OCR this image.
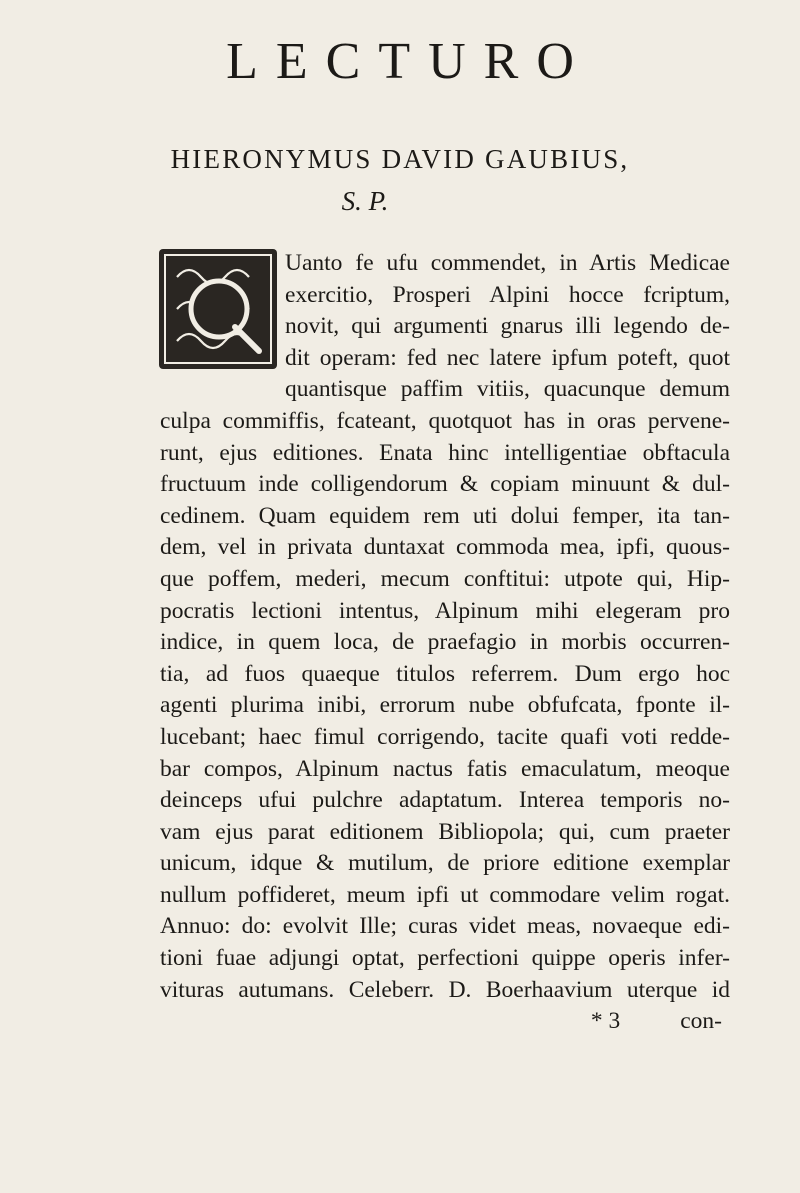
LECTURO
HIERONYMUS DAVID GAUBIUS,
S. P.
Uanto fe ufu commendet, in Artis Medicae
exercitio, Prosperi Alpini hocce fcriptum,
novit, qui argumenti gnarus illi legendo de-
dit operam: fed nec latere ipfum poteft, quot
quantisque paffim vitiis, quacunque demum
culpa commiffis, fcateant, quotquot has in oras pervene-
runt, ejus editiones. Enata hinc intelligentiae obftacula
fructuum inde colligendorum & copiam minuunt & dul-
cedinem. Quam equidem rem uti dolui femper, ita tan-
dem, vel in privata duntaxat commoda mea, ipfi, quous-
que poffem, mederi, mecum conftitui: utpote qui, Hip-
pocratis lectioni intentus, Alpinum mihi elegeram pro
indice, in quem loca, de praefagio in morbis occurren-
tia, ad fuos quaeque titulos referrem. Dum ergo hoc
agenti plurima inibi, errorum nube obfufcata, fponte il-
lucebant; haec fimul corrigendo, tacite quafi voti redde-
bar compos, Alpinum nactus fatis emaculatum, meoque
deinceps ufui pulchre adaptatum. Interea temporis no-
vam ejus parat editionem Bibliopola; qui, cum praeter
unicum, idque & mutilum, de priore editione exemplar
nullum poffideret, meum ipfi ut commodare velim rogat.
Annuo: do: evolvit Ille; curas videt meas, novaeque edi-
tioni fuae adjungi optat, perfectioni quippe operis infer-
vituras autumans. Celeberr. D. Boerhaavium uterque id
* 3	con-
